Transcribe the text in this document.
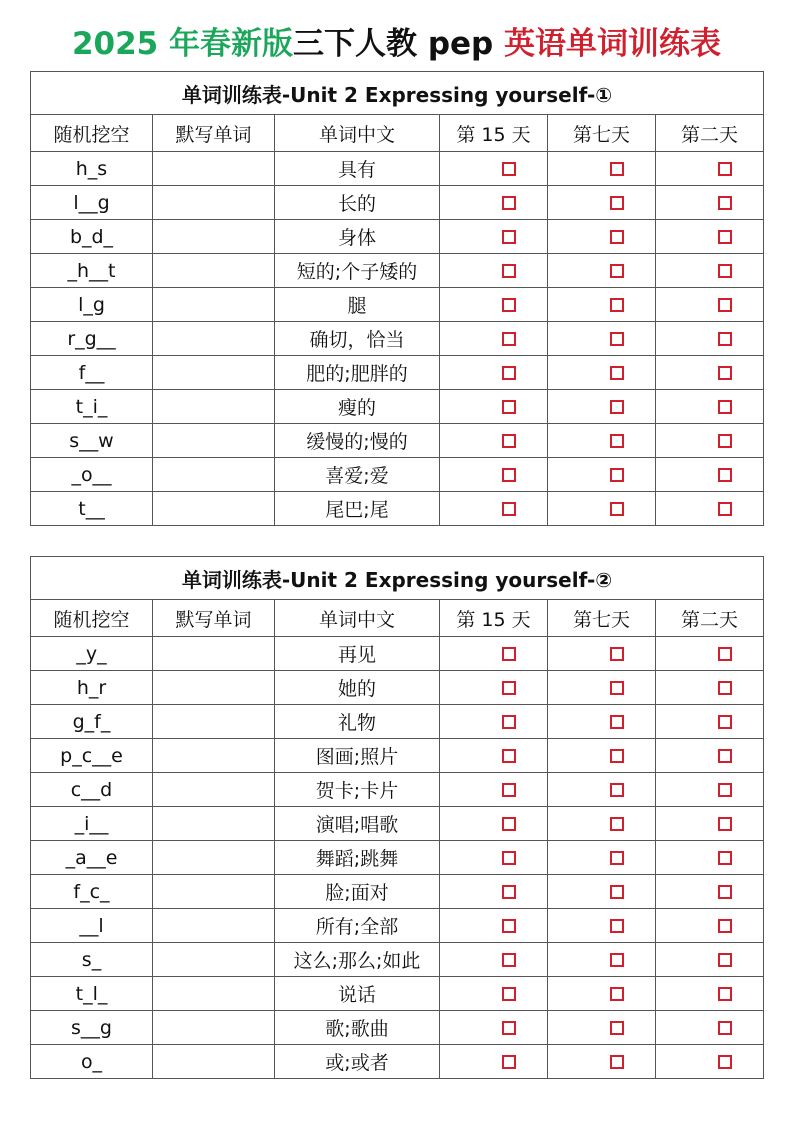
2025 年春新版三下人教 pep 英语单词训练表
单词训练表-Unit 2 Expressing yourself-①					
随机挖空	默写单词	单词中文	第 15 天	第七天	第二天
h_s		具有			
l__g		长的			
b_d_		身体			
_h__t		短的;个子矮的			
l_g		腿			
r_g__		确切，恰当			
f__		肥的;肥胖的			
t_i_		瘦的			
s__w		缓慢的;慢的			
_o__		喜爱;爱			
t__		尾巴;尾			
单词训练表-Unit 2 Expressing yourself-②					
随机挖空	默写单词	单词中文	第 15 天	第七天	第二天
_y_		再见			
h_r		她的			
g_f_		礼物			
p_c__e		图画;照片			
c__d		贺卡;卡片			
_i__		演唱;唱歌			
_a__e		舞蹈;跳舞			
f_c_		脸;面对			
__l		所有;全部			
s_		这么;那么;如此			
t_l_		说话			
s__g		歌;歌曲			
o_		或;或者			
